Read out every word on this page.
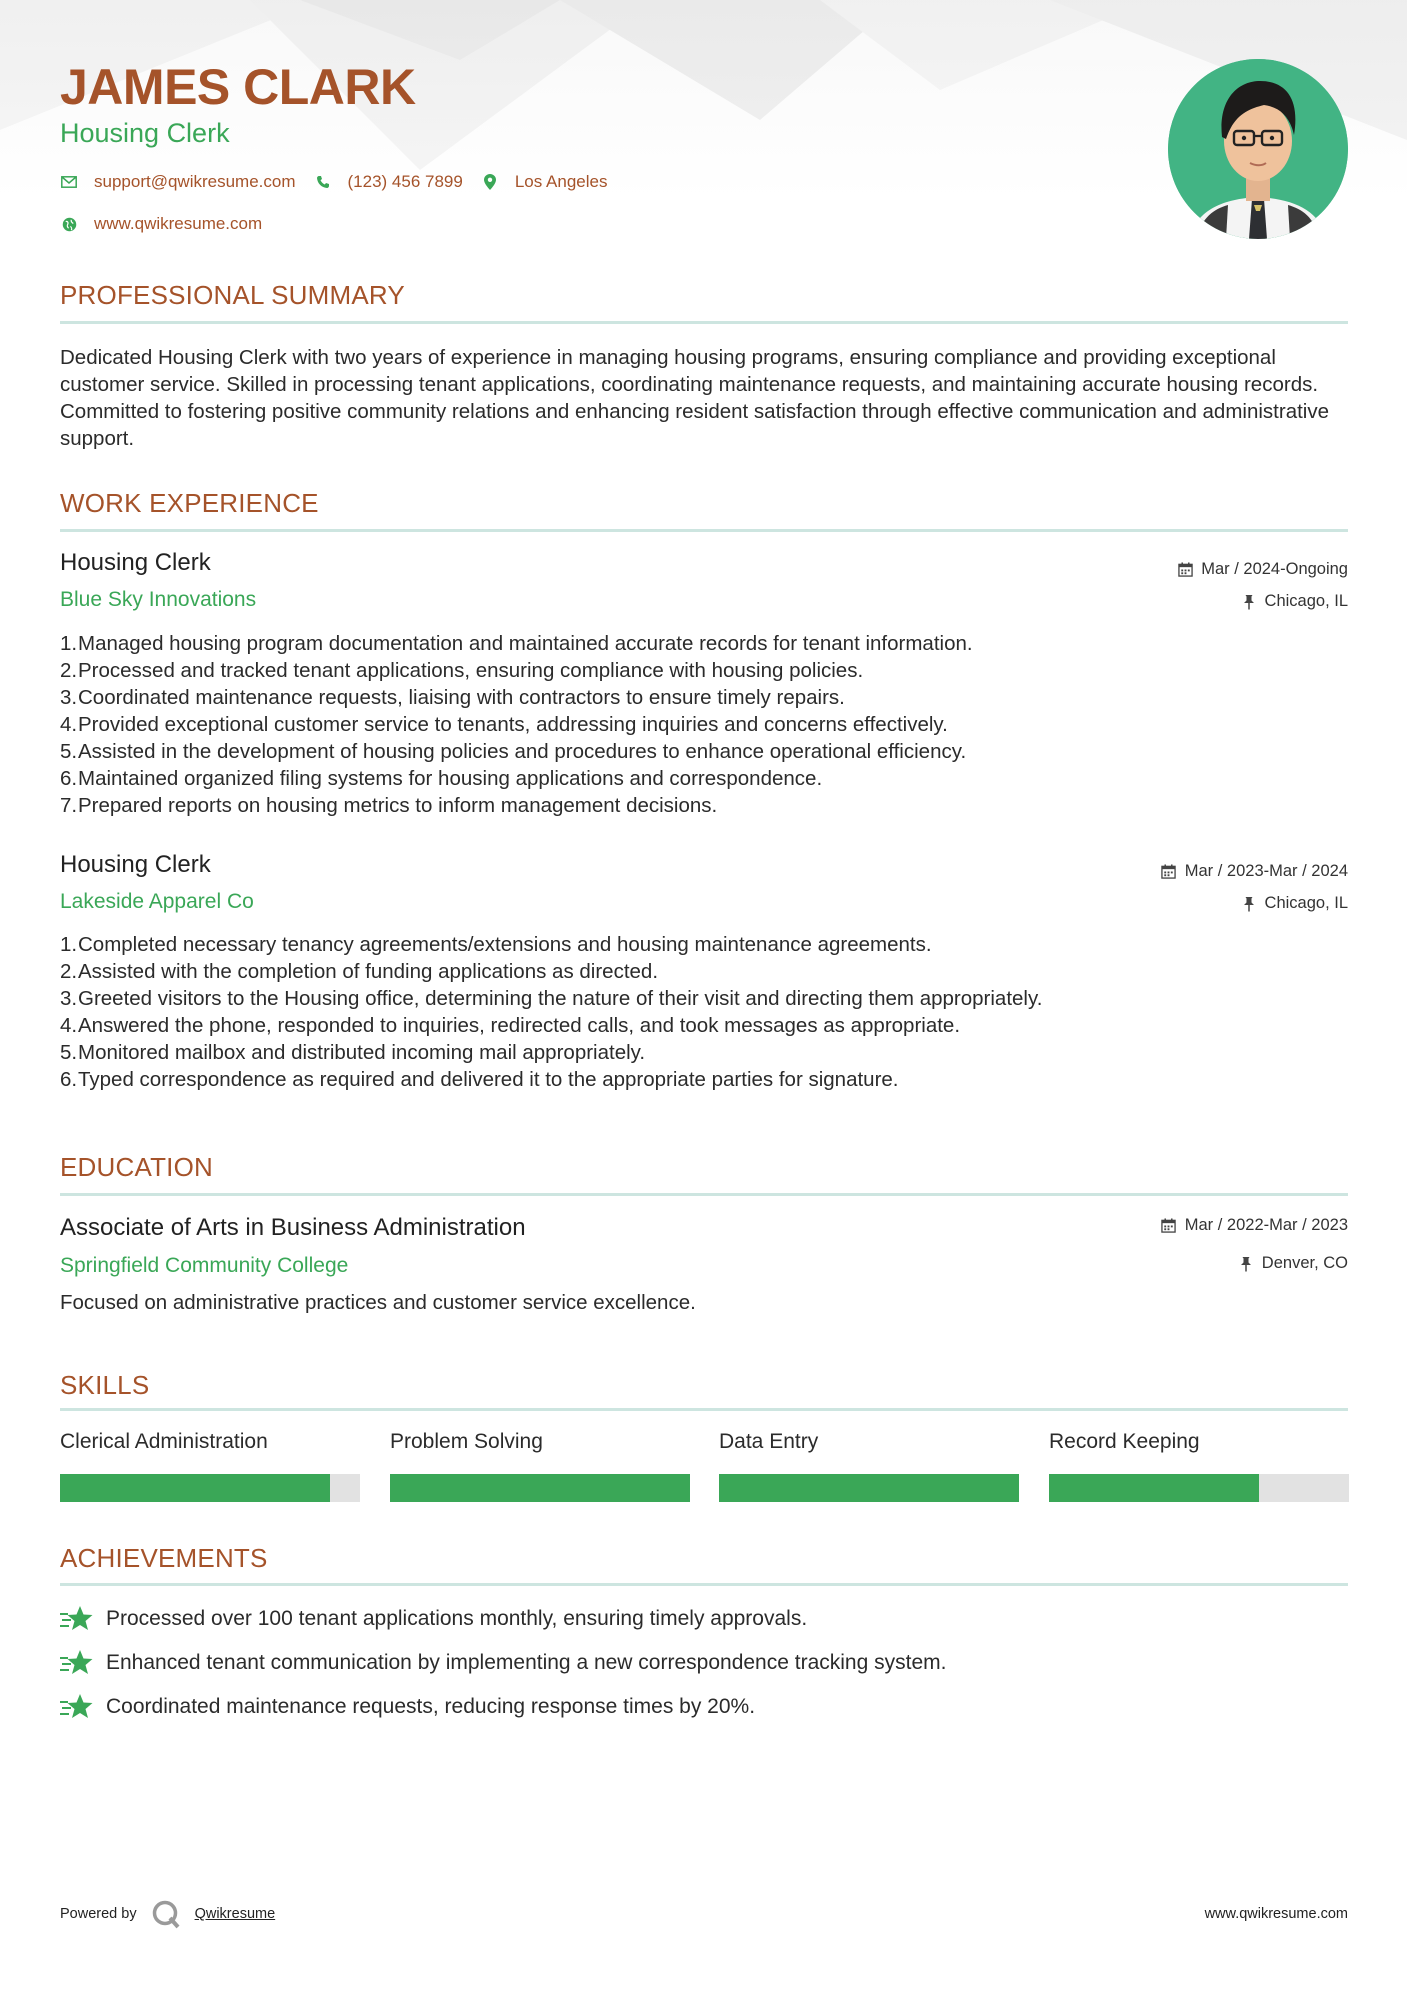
JAMES CLARK
Housing Clerk
support@qwikresume.com	(123) 456 7899	Los Angeles
www.qwikresume.com
PROFESSIONAL SUMMARY
Dedicated Housing Clerk with two years of experience in managing housing programs, ensuring compliance and providing exceptional customer service. Skilled in processing tenant applications, coordinating maintenance requests, and maintaining accurate housing records. Committed to fostering positive community relations and enhancing resident satisfaction through effective communication and administrative support.
WORK EXPERIENCE
Housing Clerk	Mar / 2024-Ongoing
Blue Sky Innovations	Chicago, IL
1. Managed housing program documentation and maintained accurate records for tenant information.
2. Processed and tracked tenant applications, ensuring compliance with housing policies.
3. Coordinated maintenance requests, liaising with contractors to ensure timely repairs.
4. Provided exceptional customer service to tenants, addressing inquiries and concerns effectively.
5. Assisted in the development of housing policies and procedures to enhance operational efficiency.
6. Maintained organized filing systems for housing applications and correspondence.
7. Prepared reports on housing metrics to inform management decisions.
Housing Clerk	Mar / 2023-Mar / 2024
Lakeside Apparel Co	Chicago, IL
1. Completed necessary tenancy agreements/extensions and housing maintenance agreements.
2. Assisted with the completion of funding applications as directed.
3. Greeted visitors to the Housing office, determining the nature of their visit and directing them appropriately.
4. Answered the phone, responded to inquiries, redirected calls, and took messages as appropriate.
5. Monitored mailbox and distributed incoming mail appropriately.
6. Typed correspondence as required and delivered it to the appropriate parties for signature.
EDUCATION
Associate of Arts in Business Administration	Mar / 2022-Mar / 2023
Springfield Community College	Denver, CO
Focused on administrative practices and customer service excellence.
SKILLS
Clerical Administration	Problem Solving	Data Entry	Record Keeping
ACHIEVEMENTS
Processed over 100 tenant applications monthly, ensuring timely approvals.
Enhanced tenant communication by implementing a new correspondence tracking system.
Coordinated maintenance requests, reducing response times by 20%.
Powered by	Qwikresume	www.qwikresume.com
